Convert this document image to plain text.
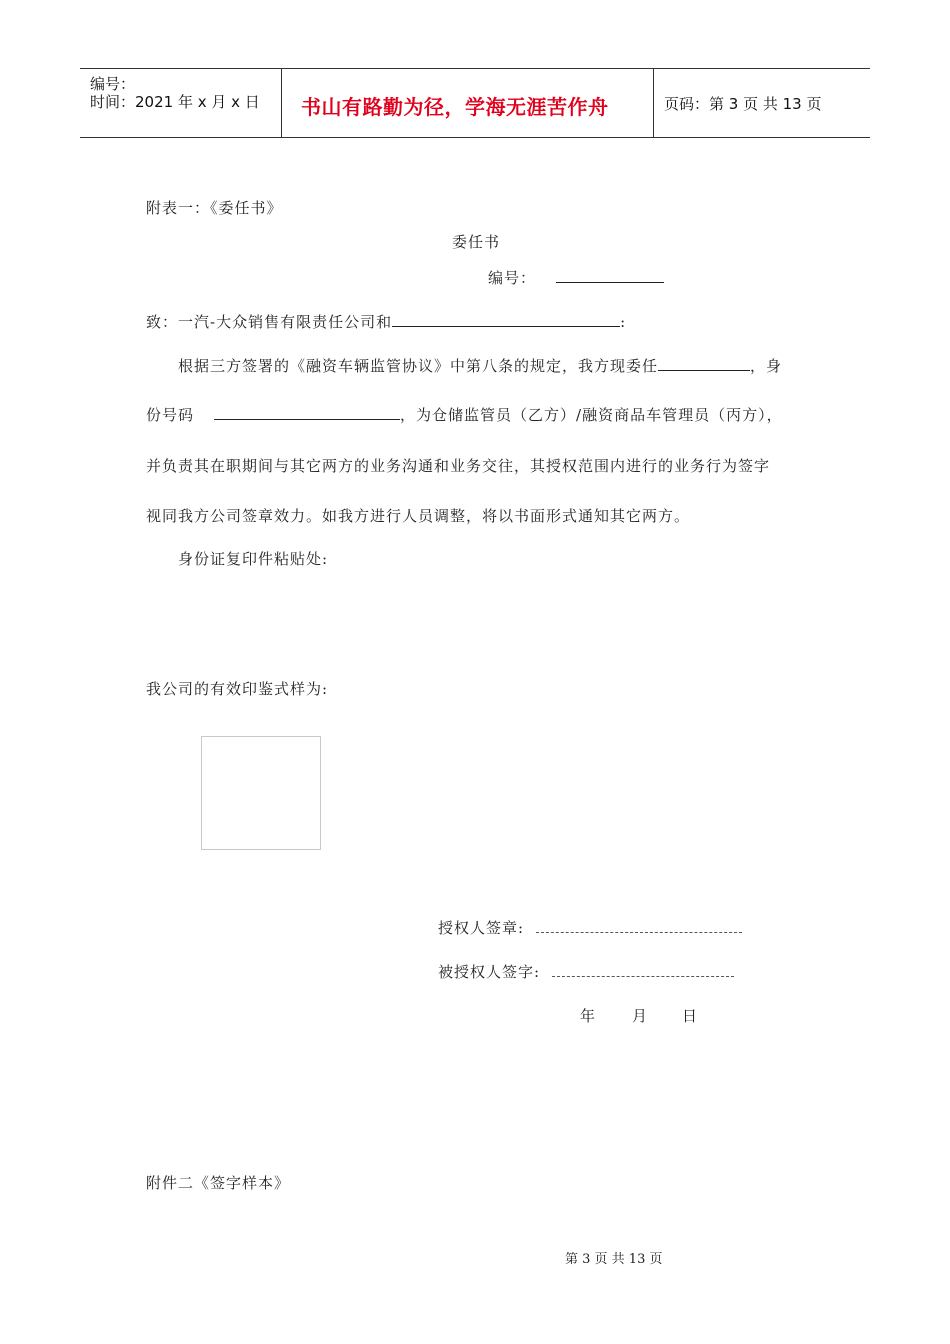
编号：
时间：2021 年 x 月 x 日 书山有路勤为径，学海无涯苦作舟	页码：第 3 页 共 13 页
附表一：《委任书》
委任书
编号：
致：一汽-大众销售有限责任公司和	:
根据三方签署的《融资车辆监管协议》中第八条的规定，我方现委任	，身
份号码	，为仓储监管员（乙方）/融资商品车管理员（丙方），
并负责其在职期间与其它两方的业务沟通和业务交往，其授权范围内进行的业务行为签字
视同我方公司签章效力。如我方进行人员调整，将以书面形式通知其它两方。
身份证复印件粘贴处:
我公司的有效印鉴式样为:
授权人签章:
被授权人签字:
年 月 日
附件二《签字样本》
第 3 页 共 13 页
